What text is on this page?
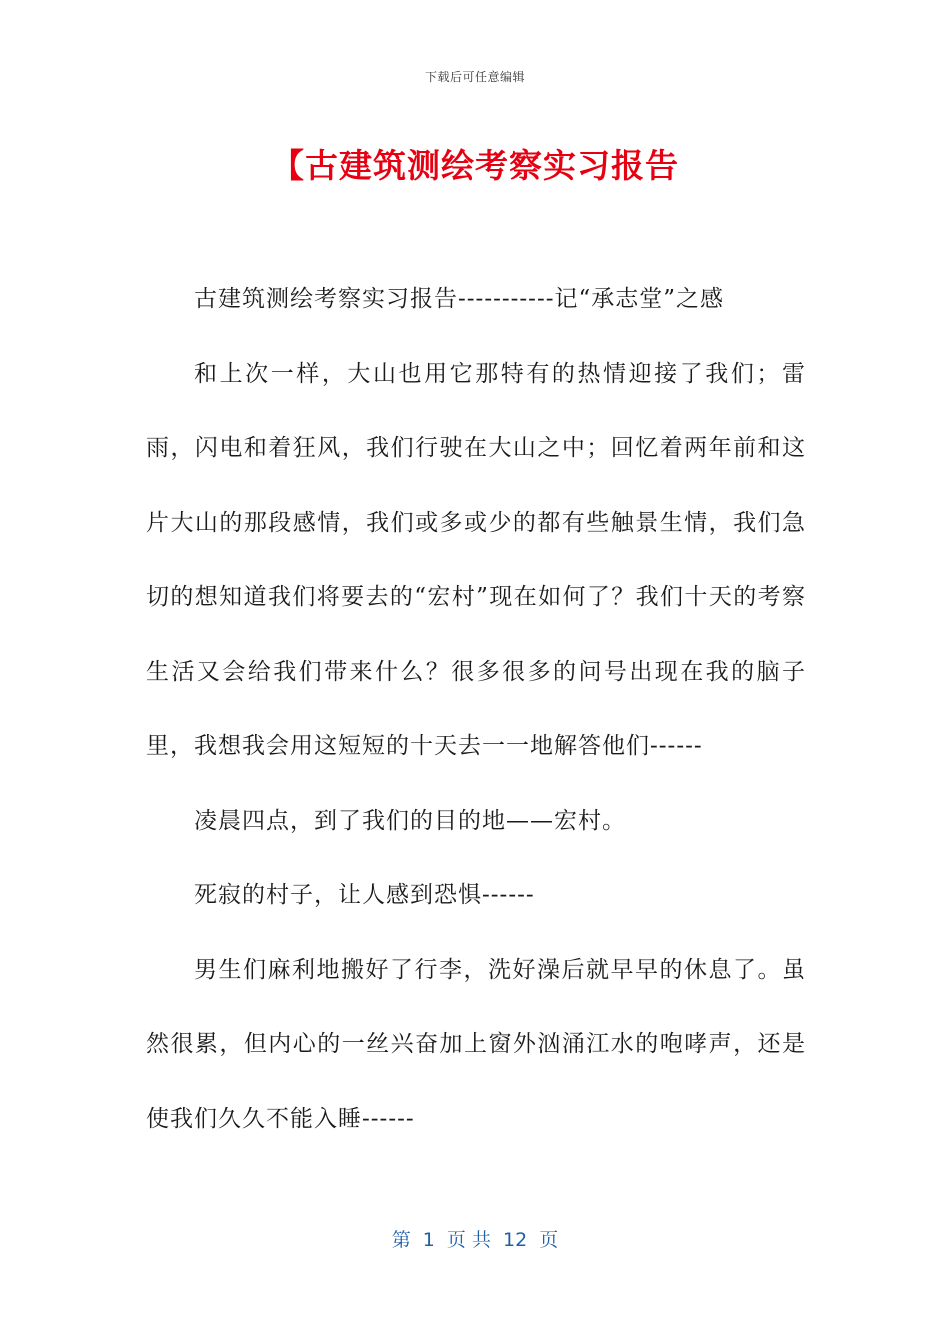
下载后可任意编辑
【古建筑测绘考察实习报告

古建筑测绘考察实习报告-----------记“承志堂”之感

和上次一样，大山也用它那特有的热情迎接了我们；雷雨，闪电和着狂风，我们行驶在大山之中；回忆着两年前和这片大山的那段感情，我们或多或少的都有些触景生情，我们急切的想知道我们将要去的“宏村”现在如何了？我们十天的考察生活又会给我们带来什么？很多很多的问号出现在我的脑子里，我想我会用这短短的十天去一一地解答他们------

凌晨四点，到了我们的目的地——宏村。

死寂的村子，让人感到恐惧------

男生们麻利地搬好了行李，洗好澡后就早早的休息了。虽然很累，但内心的一丝兴奋加上窗外汹涌江水的咆哮声，还是使我们久久不能入睡------

第  1  页 共  12  页
